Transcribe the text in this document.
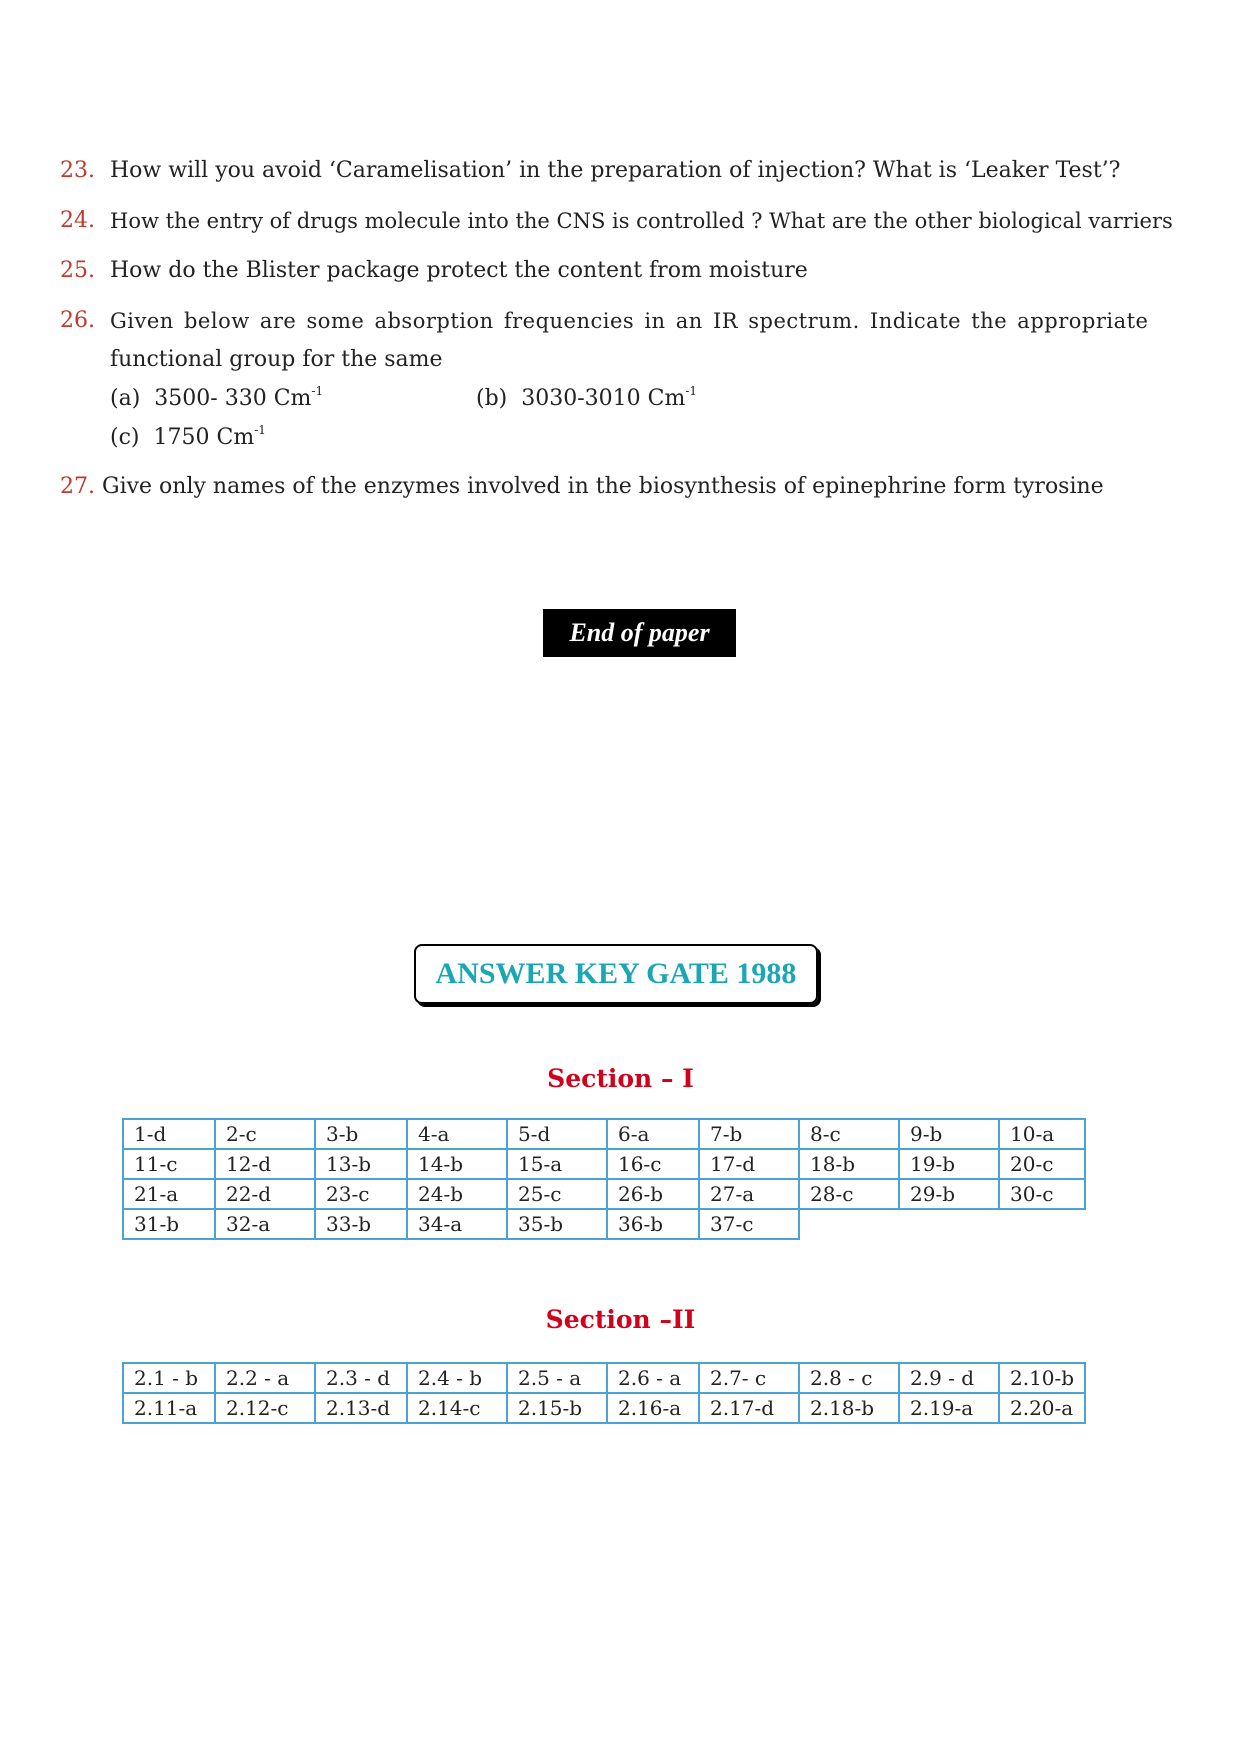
23. How will you avoid ‘Caramelisation’ in the preparation of injection? What is ‘Leaker Test’?
24. How the entry of drugs molecule into the CNS is controlled ? What are the other biological varriers
25. How do the Blister package protect the content from moisture
26. Given below are some absorption frequencies in an IR spectrum. Indicate the appropriate
functional group for the same
(a) 3500- 330 $Cm^{-1}$	(b) 3030-3010 $Cm^{-1}$
(c) 1750 $Cm^{-1}$
27. Give only names of the enzymes involved in the biosynthesis of epinephrine form tyrosine
End of paper
ANSWER KEY GATE 1988
Section – I
1-d	2-c	3-b	4-a	5-d	6-a	7-b	8-c	9-b	10-a
11-c	12-d	13-b	14-b	15-a	16-c	17-d	18-b	19-b	20-c
21-a	22-d	23-c	24-b	25-c	26-b	27-a	28-c	29-b	30-c
31-b	32-a	33-b	34-a	35-b	36-b	37-c			
Section –II
2.1 - b	2.2 - a	2.3 - d	2.4 - b	2.5 - a	2.6 - a	2.7- c	2.8 - c	2.9 - d	2.10-b
2.11-a	2.12-c	2.13-d	2.14-c	2.15-b	2.16-a	2.17-d	2.18-b	2.19-a	2.20-a
